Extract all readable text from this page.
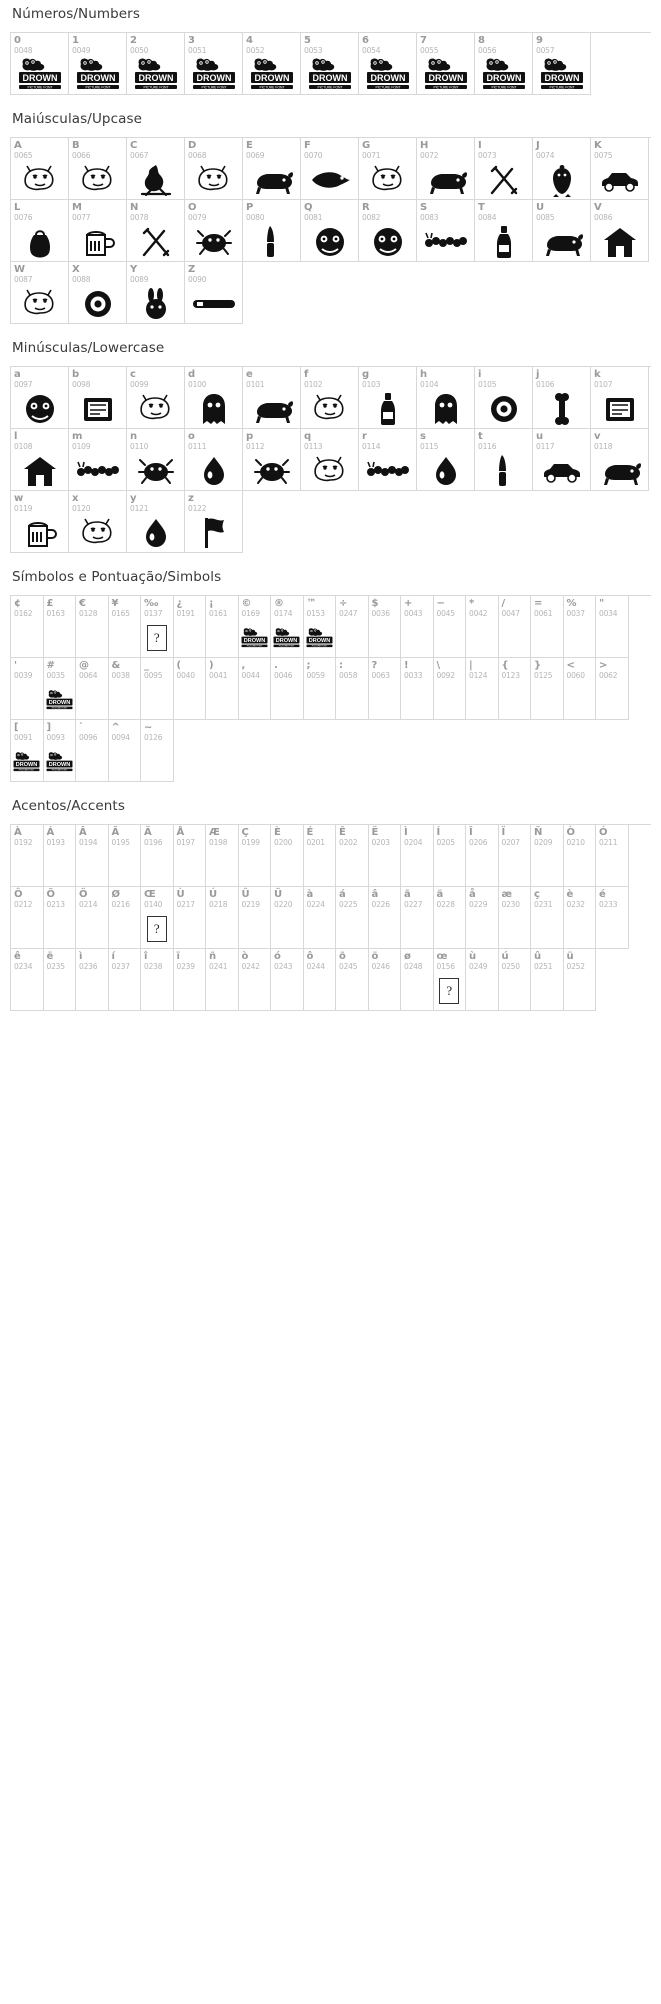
Números/Numbers
0
0048
DROWN
PICTURE FONT
1
0049
DROWN
PICTURE FONT
2
0050
DROWN
PICTURE FONT
3
0051
DROWN
PICTURE FONT
4
0052
DROWN
PICTURE FONT
5
0053
DROWN
PICTURE FONT
6
0054
DROWN
PICTURE FONT
7
0055
DROWN
PICTURE FONT
8
0056
DROWN
PICTURE FONT
9
0057
DROWN
PICTURE FONT
Maiúsculas/Upcase
A
0065
B
0066
C
0067
D
0068
E
0069
F
0070
G
0071
H
0072
I
0073
J
0074
K
0075
L
0076
M
0077
N
0078
O
0079
P
0080
Q
0081
R
0082
S
0083
T
0084
U
0085
V
0086
W
0087
X
0088
Y
0089
Z
0090
Minúsculas/Lowercase
a
0097
b
0098
c
0099
d
0100
e
0101
f
0102
g
0103
h
0104
i
0105
j
0106
k
0107
l
0108
m
0109
n
0110
o
0111
p
0112
q
0113
r
0114
s
0115
t
0116
u
0117
v
0118
w
0119
x
0120
y
0121
z
0122
Símbolos e Pontuação/Simbols
¢
0162
£
0163
€
0128
¥
0165
‰
0137
?
¿
0191
¡
0161
©
0169
DROWN
PICTURE FONT
®
0174
DROWN
PICTURE FONT
™
0153
DROWN
PICTURE FONT
÷
0247
$
0036
+
0043
−
0045
*
0042
/
0047
=
0061
%
0037
"
0034
'
0039
#
0035
DROWN
PICTURE FONT
@
0064
&
0038
_
0095
(
0040
)
0041
,
0044
.
0046
;
0059
:
0058
?
0063
!
0033
\
0092
|
0124
{
0123
}
0125
<
0060
>
0062
[
0091
DROWN
PICTURE FONT
]
0093
DROWN
PICTURE FONT
`
0096
^
0094
~
0126
Acentos/Accents
À
0192
Á
0193
Â
0194
Ã
0195
Ä
0196
Å
0197
Æ
0198
Ç
0199
È
0200
É
0201
Ê
0202
Ë
0203
Ì
0204
Í
0205
Î
0206
Ï
0207
Ñ
0209
Ò
0210
Ó
0211
Ô
0212
Õ
0213
Ö
0214
Ø
0216
Œ
0140
?
Ù
0217
Ú
0218
Û
0219
Ü
0220
à
0224
á
0225
â
0226
ã
0227
ä
0228
å
0229
æ
0230
ç
0231
è
0232
é
0233
ê
0234
ë
0235
ì
0236
í
0237
î
0238
ï
0239
ñ
0241
ò
0242
ó
0243
ô
0244
õ
0245
ö
0246
ø
0248
œ
0156
?
ù
0249
ú
0250
û
0251
ü
0252
